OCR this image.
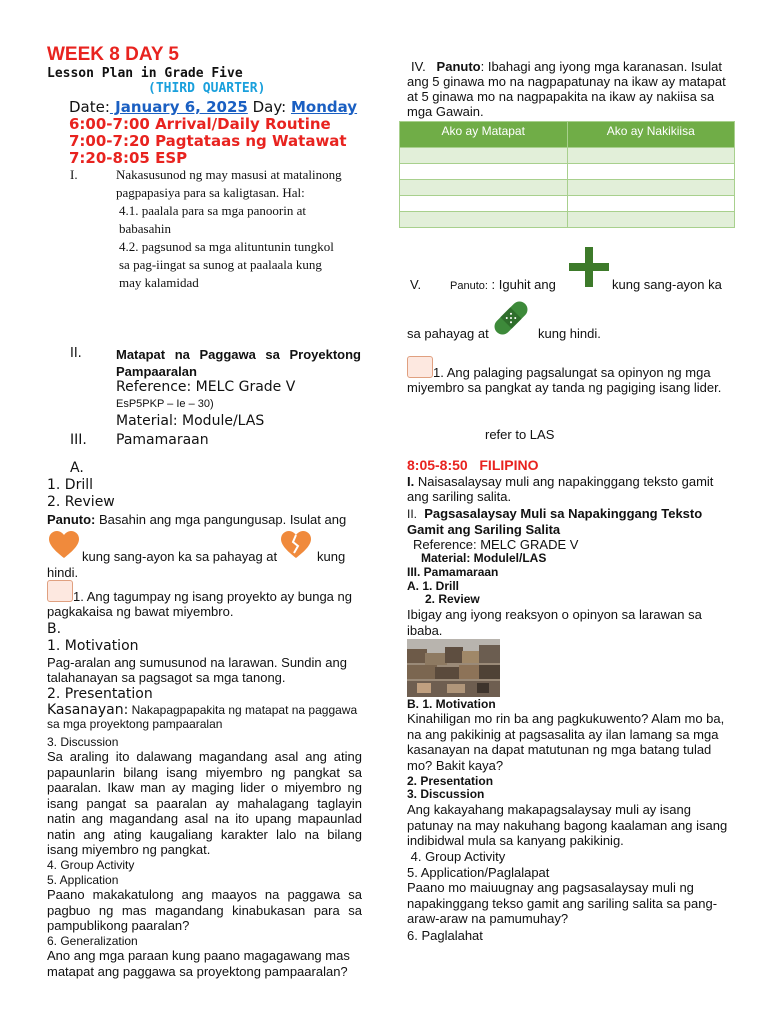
WEEK 8 DAY 5
Lesson Plan in Grade Five
(THIRD QUARTER)
Date: January 6, 2025 Day: Monday
6:00-7:00 Arrival/Daily Routine
7:00-7:20 Pagtataas ng Watawat
7:20-8:05 ESP
I.	Nakasusunod ng may masusi at matalinong pagpapasiya para sa kaligtasan. Hal:

4.1. paalala para sa mga panoorin at babasahin

4.2. pagsunod sa mga alituntunin tungkol sa pag-iingat sa sunog at paalaala kung may kalamidad

II.	Matapat na Paggawa sa Proyektong Pampaaralan
Reference: MELC Grade V
EsP5PKP – Ie – 30)
Material: Module/LAS
III. Pamamaraan
A.
1. Drill
2. Review
Panuto: Basahin ang mga pangungusap. Isulat ang
kung sang-ayon ka sa pahayag at	kung
hindi.
1. Ang tagumpay ng isang proyekto ay bunga ng pagkakaisa ng bawat miyembro.
B.
1. Motivation
Pag-aralan ang sumusunod na larawan. Sundin ang talahanayan sa pagsagot sa mga tanong.
2. Presentation
Kasanayan: Nakapagpapakita ng matapat na paggawa sa mga proyektong pampaaralan
3. Discussion
Sa araling ito dalawang magandang asal ang ating papaunlarin bilang isang miyembro ng pangkat sa paaralan. Ikaw man ay maging lider o miyembro ng isang pangat sa paaralan ay mahalagang taglayin natin ang magandang asal na ito upang mapaunlad natin ang ating kaugaliang karakter lalo na bilang isang miyembro ng pangkat.
4. Group Activity
5. Application
Paano makakatulong ang maayos na paggawa sa pagbuo ng mas magandang kinabukasan para sa pampublikong paaralan?
6. Generalization
Ano ang mga paraan kung paano magagawang mas matapat ang paggawa sa proyektong pampaaralan?
IV. Panuto: Ibahagi ang iyong mga karanasan. Isulat ang 5 ginawa mo na nagpapatunay na ikaw ay matapat at 5 ginawa mo na nagpapakita na ikaw ay nakiisa sa mga Gawain.
Ako ay Matapat	Ako ay Nakikiisa

V.	Panuto: : Iguhit ang	kung sang-ayon ka
sa pahayag at	kung hindi.
1. Ang palaging pagsalungat sa opinyon ng mga miyembro sa pangkat ay tanda ng pagiging isang lider.
refer to LAS
8:05-8:50   FILIPINO
I. Naisasalaysay muli ang napakinggang teksto gamit ang sariling salita.
II. Pagsasalaysay Muli sa Napakinggang Teksto Gamit ang Sariling Salita
Reference: MELC GRADE V
Material: Modulel/LAS
III. Pamamaraan
A. 1. Drill
2. Review
Ibigay ang iyong reaksyon o opinyon sa larawan sa ibaba.
B. 1. Motivation
Kinahiligan mo rin ba ang pagkukuwento? Alam mo ba, na ang pakikinig at pagsasalita ay ilan lamang sa mga kasanayan na dapat matutunan ng mga batang tulad mo? Bakit kaya?
2. Presentation
3. Discussion
Ang kakayahang makapagsalaysay muli ay isang patunay na may nakuhang bagong kaalaman ang isang indibidwal mula sa kanyang pakikinig.
4. Group Activity
5. Application/Paglalapat
Paano mo maiuugnay ang pagsasalaysay muli ng napakinggang tekso gamit ang sariling salita sa pang-araw-araw na pamumuhay?
6. Paglalahat
